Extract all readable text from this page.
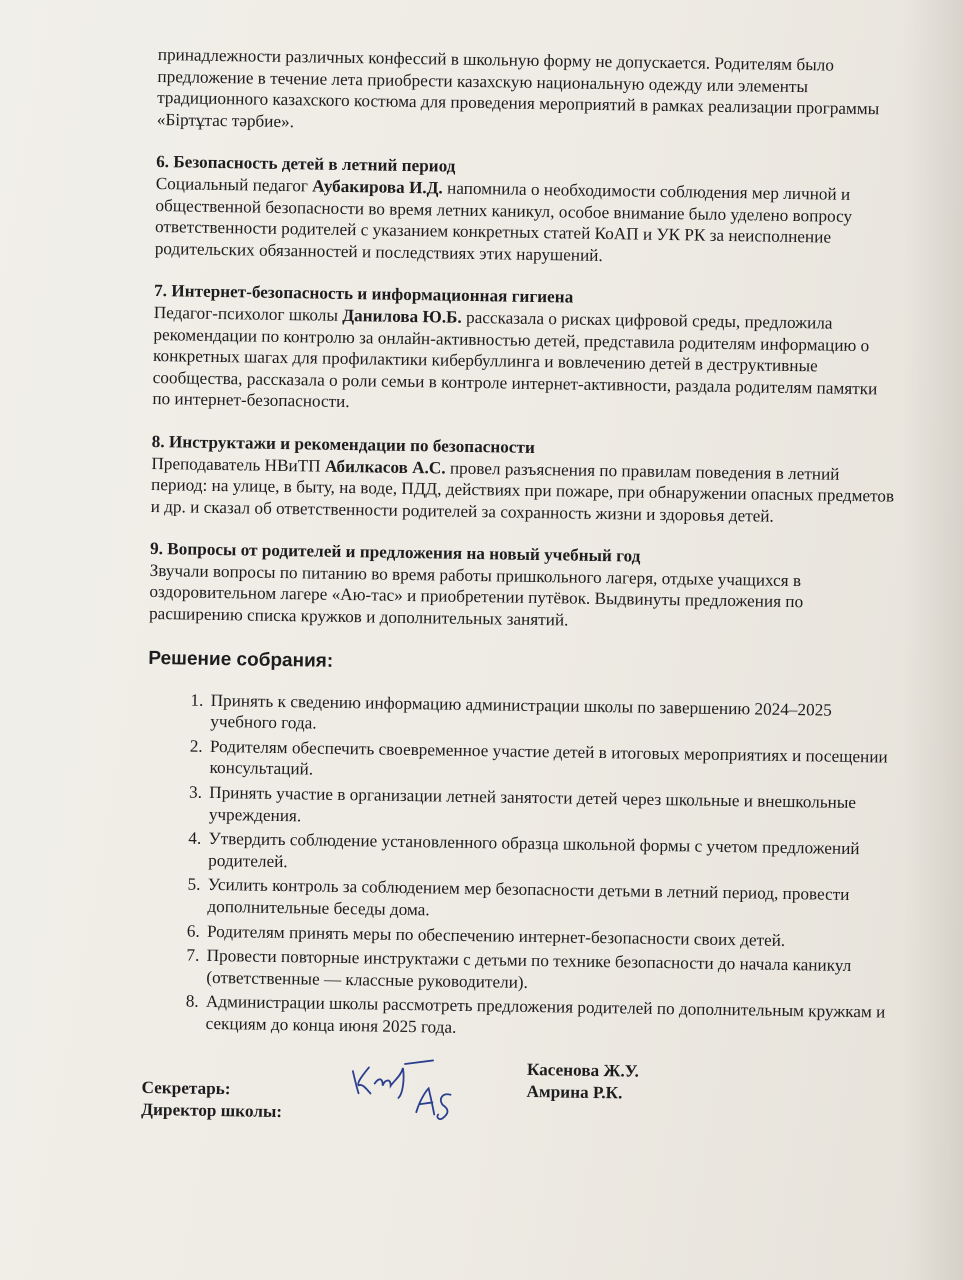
принадлежности различных конфессий в школьную форму не допускается. Родителям было предложение в течение лета приобрести казахскую национальную одежду или элементы традиционного казахского костюма для проведения мероприятий в рамках реализации программы «Біртұтас тәрбие».

6. Безопасность детей в летний период

Социальный педагог Аубакирова И.Д. напомнила о необходимости соблюдения мер личной и общественной безопасности во время летних каникул, особое внимание было уделено вопросу ответственности родителей с указанием конкретных статей КоАП и УК РК за неисполнение родительских обязанностей и последствиях этих нарушений.

7. Интернет-безопасность и информационная гигиена

Педагог-психолог школы Данилова Ю.Б. рассказала о рисках цифровой среды, предложила рекомендации по контролю за онлайн-активностью детей, представила родителям информацию о конкретных шагах для профилактики кибербуллинга и вовлечению детей в деструктивные сообщества, рассказала о роли семьи в контроле интернет-активности, раздала родителям памятки по интернет-безопасности.

8. Инструктажи и рекомендации по безопасности

Преподаватель НВиТП Абилкасов А.С. провел разъяснения по правилам поведения в летний период: на улице, в быту, на воде, ПДД, действиях при пожаре, при обнаружении опасных предметов и др. и сказал об ответственности родителей за сохранность жизни и здоровья детей.

9. Вопросы от родителей и предложения на новый учебный год

Звучали вопросы по питанию во время работы пришкольного лагеря, отдыхе учащихся в оздоровительном лагере «Аю-тас» и приобретении путёвок. Выдвинуты предложения по расширению списка кружков и дополнительных занятий.

Решение собрания:
1. Принять к сведению информацию администрации школы по завершению 2024–2025 учебного года.
2. Родителям обеспечить своевременное участие детей в итоговых мероприятиях и посещении консультаций.
3. Принять участие в организации летней занятости детей через школьные и внешкольные учреждения.
4. Утвердить соблюдение установленного образца школьной формы с учетом предложений родителей.
5. Усилить контроль за соблюдением мер безопасности детьми в летний период, провести дополнительные беседы дома.
6. Родителям принять меры по обеспечению интернет-безопасности своих детей.
7. Провести повторные инструктажи с детьми по технике безопасности до начала каникул (ответственные — классные руководители).
8. Администрации школы рассмотреть предложения родителей по дополнительным кружкам и секциям до конца июня 2025 года.
Секретарь:
Директор школы:
Касенова Ж.У.
Амрина Р.К.
